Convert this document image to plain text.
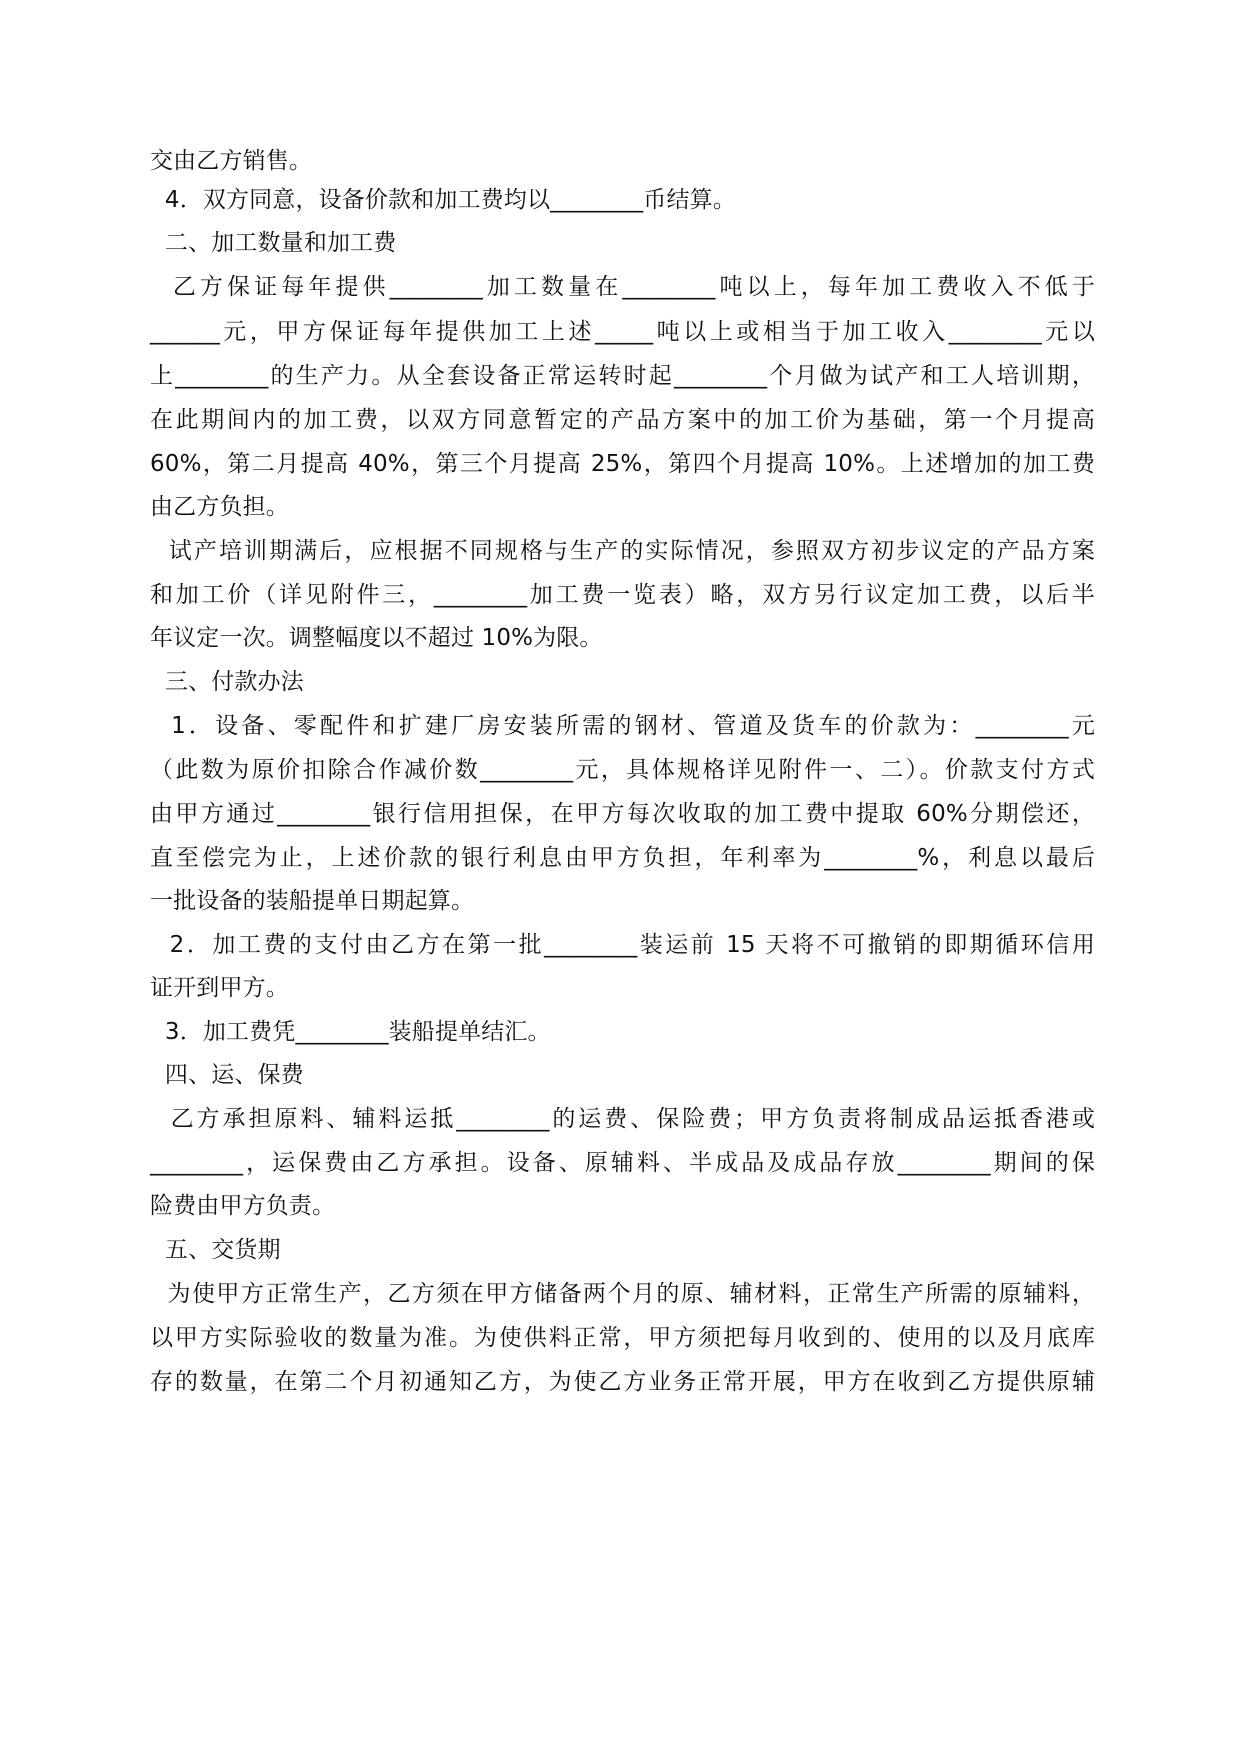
交由乙方销售。
4．双方同意，设备价款和加工费均以________币结算。
二、加工数量和加工费
乙方保证每年提供________加工数量在________吨以上，每年加工费收入不低于
______元，甲方保证每年提供加工上述_____吨以上或相当于加工收入________元以
上________的生产力。从全套设备正常运转时起________个月做为试产和工人培训期，
在此期间内的加工费，以双方同意暂定的产品方案中的加工价为基础，第一个月提高
60%，第二月提高 40%，第三个月提高 25%，第四个月提高 10%。上述增加的加工费
由乙方负担。
试产培训期满后，应根据不同规格与生产的实际情况，参照双方初步议定的产品方案
和加工价（详见附件三，________加工费一览表）略，双方另行议定加工费，以后半
年议定一次。调整幅度以不超过 10%为限。
三、付款办法
1．设备、零配件和扩建厂房安装所需的钢材、管道及货车的价款为：________元
（此数为原价扣除合作减价数________元，具体规格详见附件一、二）。价款支付方式
由甲方通过________银行信用担保，在甲方每次收取的加工费中提取 60%分期偿还，
直至偿完为止，上述价款的银行利息由甲方负担，年利率为________%，利息以最后
一批设备的装船提单日期起算。
2．加工费的支付由乙方在第一批________装运前 15 天将不可撤销的即期循环信用
证开到甲方。
3．加工费凭________装船提单结汇。
四、运、保费
乙方承担原料、辅料运抵________的运费、保险费；甲方负责将制成品运抵香港或
________，运保费由乙方承担。设备、原辅料、半成品及成品存放________期间的保
险费由甲方负责。
五、交货期
为使甲方正常生产，乙方须在甲方储备两个月的原、辅材料，正常生产所需的原辅料，
以甲方实际验收的数量为准。为使供料正常，甲方须把每月收到的、使用的以及月底库
存的数量，在第二个月初通知乙方，为使乙方业务正常开展，甲方在收到乙方提供原辅
